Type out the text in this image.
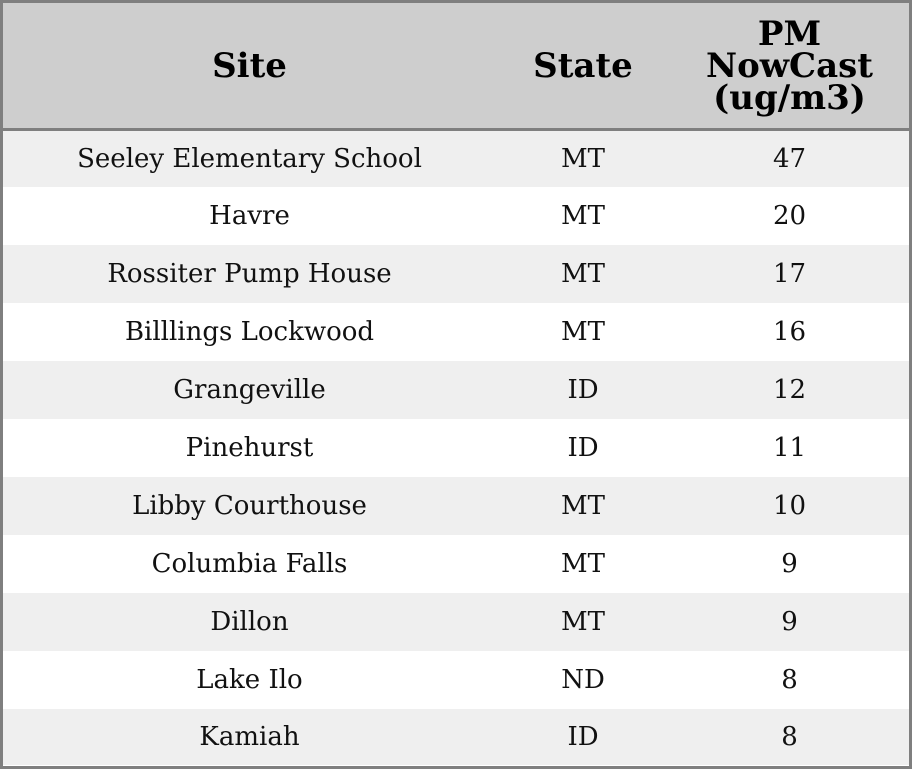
Site	State	PM
NowCast
(ug/m3)

Seeley Elementary School	MT	47
Havre	MT	20
Rossiter Pump House	MT	17
Billlings Lockwood	MT	16
Grangeville	ID	12
Pinehurst	ID	11
Libby Courthouse	MT	10
Columbia Falls	MT	9
Dillon	MT	9
Lake Ilo	ND	8
Kamiah	ID	8
